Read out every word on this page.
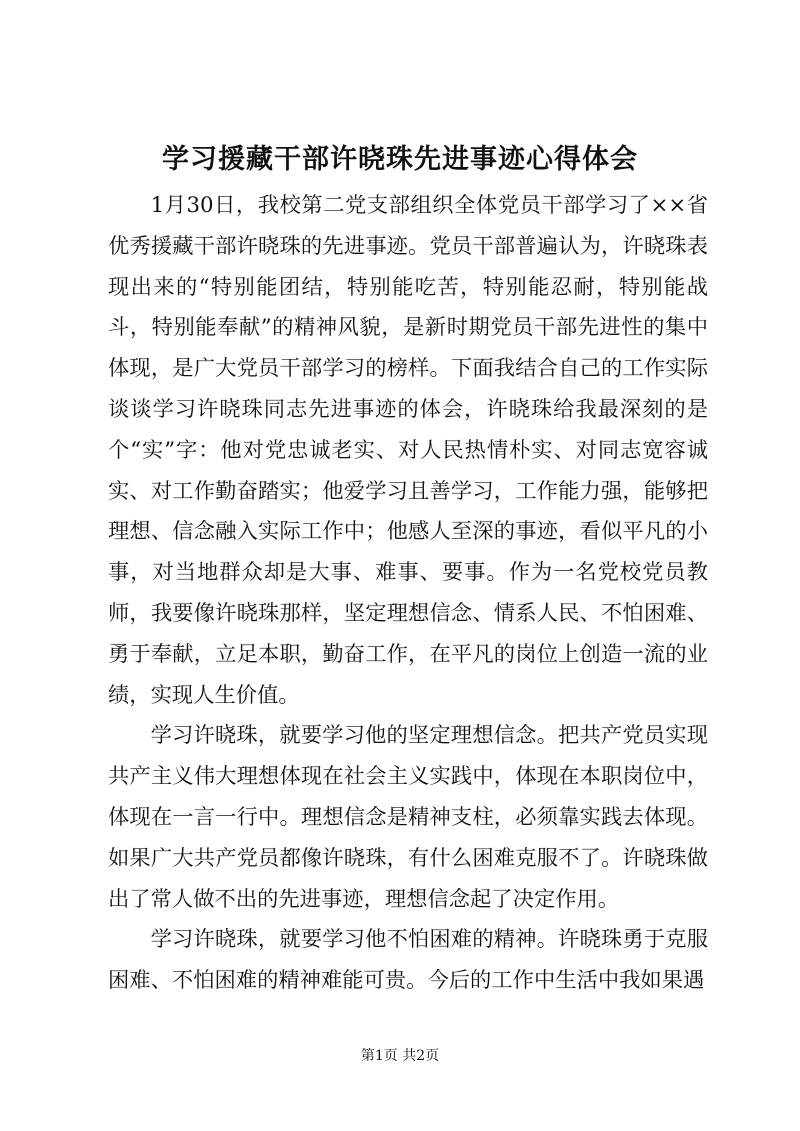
学习援藏干部许晓珠先进事迹心得体会

1月30日，我校第二党支部组织全体党员干部学习了××省优秀援藏干部许晓珠的先进事迹。党员干部普遍认为，许晓珠表现出来的“特别能团结，特别能吃苦，特别能忍耐，特别能战斗，特别能奉献”的精神风貌，是新时期党员干部先进性的集中体现，是广大党员干部学习的榜样。下面我结合自己的工作实际谈谈学习许晓珠同志先进事迹的体会，许晓珠给我最深刻的是个“实”字：他对党忠诚老实、对人民热情朴实、对同志宽容诚实、对工作勤奋踏实；他爱学习且善学习，工作能力强，能够把理想、信念融入实际工作中；他感人至深的事迹，看似平凡的小事，对当地群众却是大事、难事、要事。作为一名党校党员教师，我要像许晓珠那样，坚定理想信念、情系人民、不怕困难、勇于奉献，立足本职，勤奋工作，在平凡的岗位上创造一流的业绩，实现人生价值。

学习许晓珠，就要学习他的坚定理想信念。把共产党员实现共产主义伟大理想体现在社会主义实践中，体现在本职岗位中，体现在一言一行中。理想信念是精神支柱，必须靠实践去体现。如果广大共产党员都像许晓珠，有什么困难克服不了。许晓珠做出了常人做不出的先进事迹，理想信念起了决定作用。

学习许晓珠，就要学习他不怕困难的精神。许晓珠勇于克服困难、不怕困难的精神难能可贵。今后的工作中生活中我如果遇

第1页 共2页
